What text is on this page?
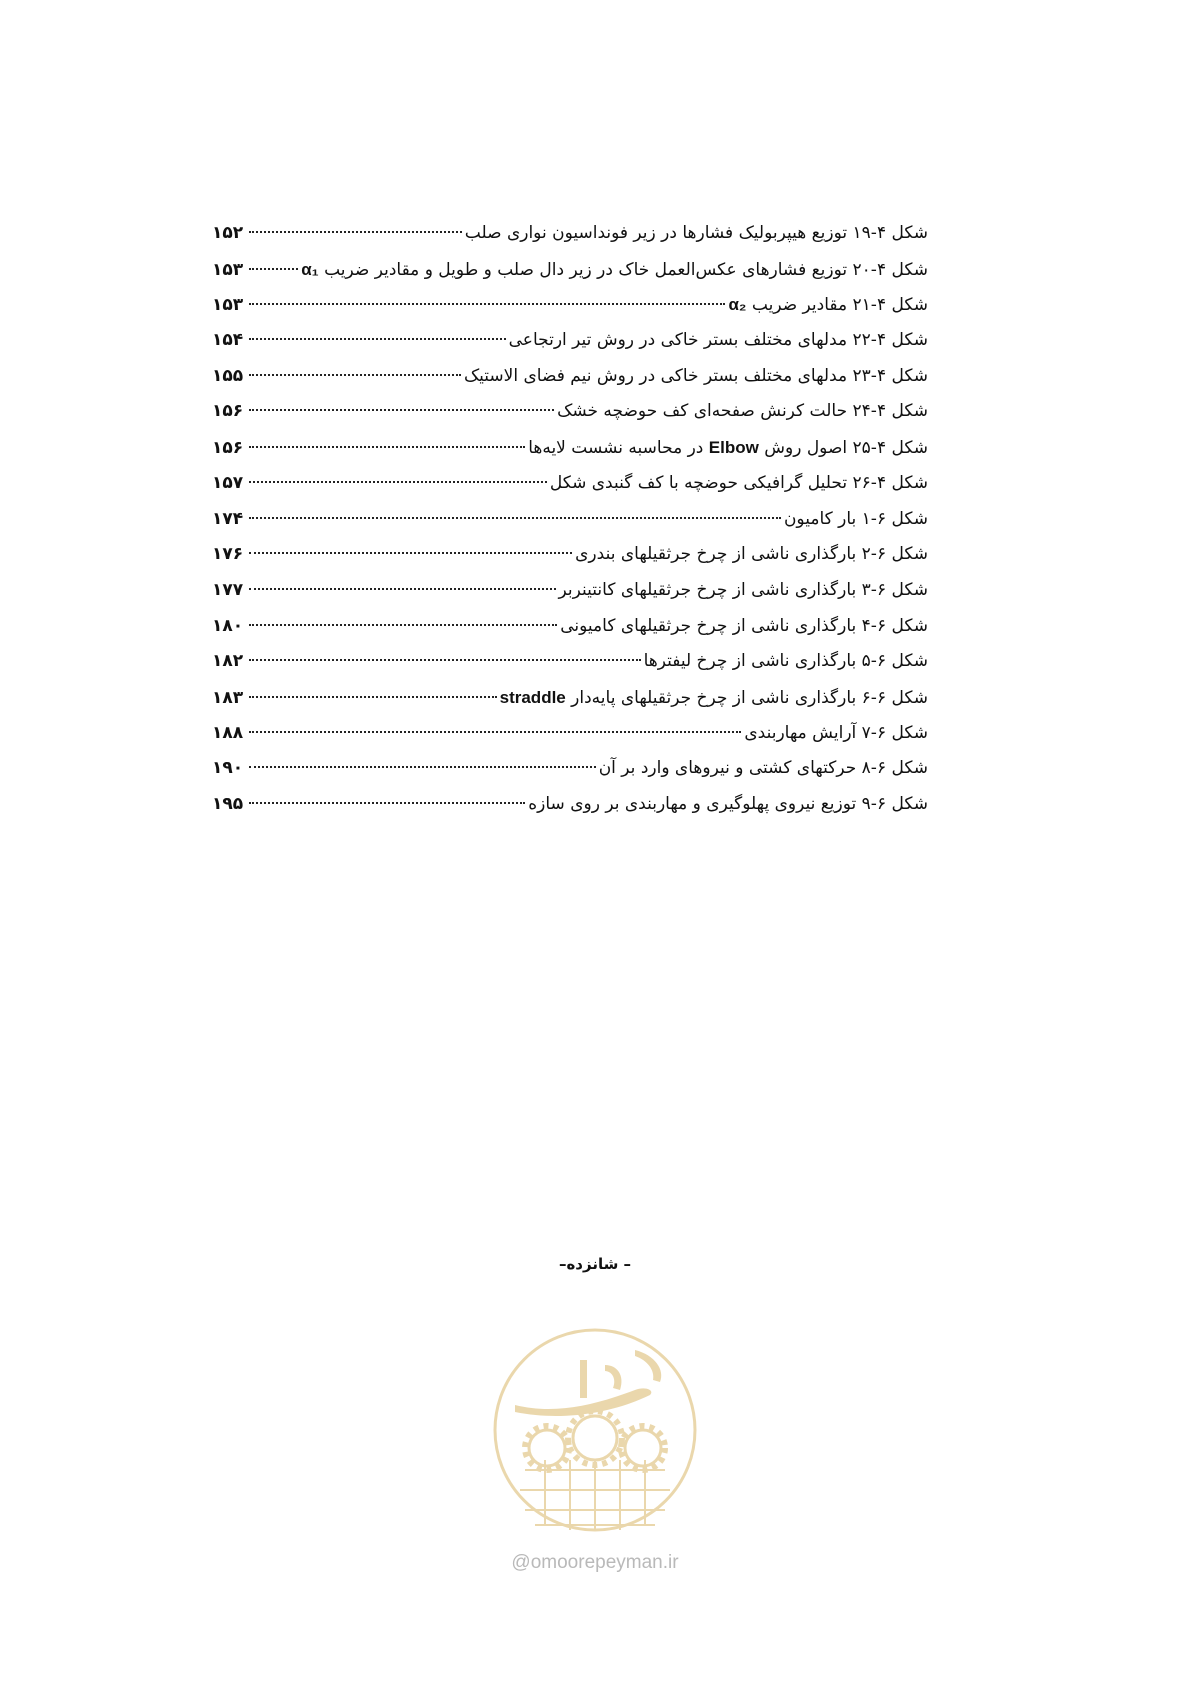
شکل ۴-۱۹ توزیع هیپربولیک فشارها در زیر فونداسیون نواری صلب
۱۵۲
شکل ۴-۲۰ توزیع فشارهای عکس‌العمل خاک در زیر دال صلب و طویل و مقادیر ضریب α₁
۱۵۳
شکل ۴-۲۱ مقادیر ضریب α₂
۱۵۳
شکل ۴-۲۲ مدلهای مختلف بستر خاکی در روش تیر ارتجاعی
۱۵۴
شکل ۴-۲۳ مدلهای مختلف بستر خاکی در روش نیم فضای الاستیک
۱۵۵
شکل ۴-۲۴ حالت کرنش صفحه‌ای کف حوضچه خشک
۱۵۶
شکل ۴-۲۵ اصول روش Elbow در محاسبه نشست لایه‌ها
۱۵۶
شکل ۴-۲۶ تحلیل گرافیکی حوضچه با کف گنبدی شکل
۱۵۷
شکل ۶-۱ بار کامیون
۱۷۴
شکل ۶-۲ بارگذاری ناشی از چرخ جرثقیلهای بندری
۱۷۶
شکل ۶-۳ بارگذاری ناشی از چرخ جرثقیلهای کانتینربر
۱۷۷
شکل ۶-۴ بارگذاری ناشی از چرخ جرثقیلهای کامیونی
۱۸۰
شکل ۶-۵ بارگذاری ناشی از چرخ لیفترها
۱۸۲
شکل ۶-۶ بارگذاری ناشی از چرخ جرثقیلهای پایه‌دار straddle
۱۸۳
شکل ۶-۷ آرایش مهاربندی
۱۸۸
شکل ۶-۸ حرکتهای کشتی و نیروهای وارد بر آن
۱۹۰
شکل ۶-۹ توزیع نیروی پهلوگیری و مهاربندی بر روی سازه
۱۹۵
– شانزده–
@omoorepeyman.ir
